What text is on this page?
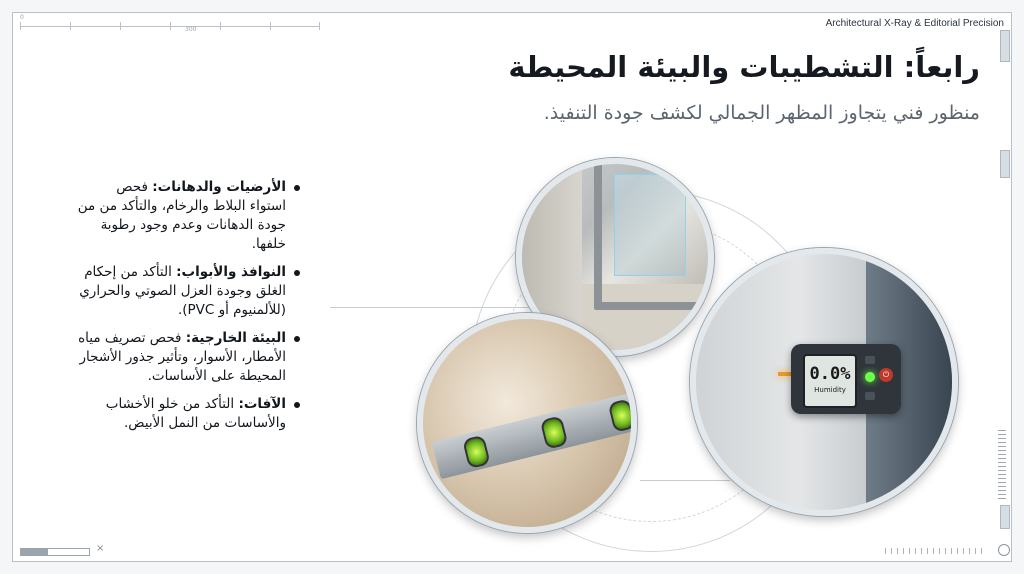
0
300
Architectural X-Ray & Editorial Precision
رابعاً: التشطيبات والبيئة المحيطة
منظور فني يتجاوز المظهر الجمالي لكشف جودة التنفيذ.
الأرضيات والدهانات: فحص استواء البلاط والرخام، والتأكد من من جودة الدهانات وعدم وجود رطوبة خلفها.
النوافذ والأبواب: التأكد من إحكام الغلق وجودة العزل الصوتي والحراري (للألمنيوم أو PVC).
البيئة الخارجية: فحص تصريف مياه الأمطار، الأسوار، وتأثير جذور الأشجار المحيطة على الأساسات.
الآفات: التأكد من خلو الأخشاب والأساسات من النمل الأبيض.
0.0%
Humidity
⏻
×
